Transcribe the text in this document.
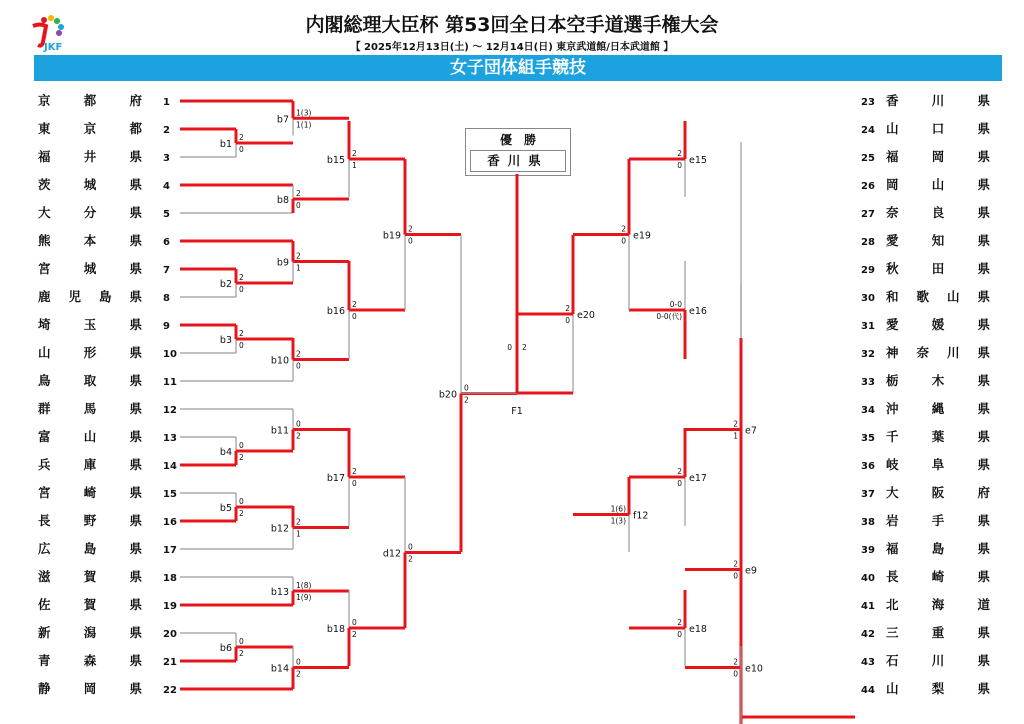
JKF
内閣総理大臣杯 第53回全日本空手道選手権大会
【 2025年12月13日(土) 〜 12月14日(日) 東京武道館/日本武道館 】
女子団体組手競技
優　勝
香川県
2
0
b1
1(3)
1(1)
b7
2
0
b8
2
1
b15
2
0
b2
2
1
b9
2
0
b3
2
0
b10
2
0
b16
2
0
b19
0
2
b4
0
2
b11
0
2
b5
2
1
b12
2
0
b17
0
2
b6
1(8)
1(9)
b13
0
2
b14
0
2
b18
0
2
d12
0
2
b20
2
1 e7
2
0 e15
2
0 e9
2
0 e10
0-0
0-0(代) e16
2
0 e19
2
0 e17
2
0 e18
1(6)
1(3) f12
2
0 e20
0 2
F1
京都府 1
東京都 2
福井県 3
茨城県 4
大分県 5
熊本県 6
宮城県 7
鹿児島県 8
埼玉県 9
山形県 10
鳥取県 11
群馬県 12
富山県 13
兵庫県 14
宮崎県 15
長野県 16
広島県 17
滋賀県 18
佐賀県 19
新潟県 20
青森県 21
静岡県 22
香川県
23
山口県
24
福岡県
25
岡山県
26
奈良県
27
愛知県
28
秋田県
29
和歌山県
30
愛媛県
31
神奈川県
32
栃木県
33
沖縄県
34
千葉県
35
岐阜県
36
大阪府
37
岩手県
38
福島県
39
長崎県
40
北海道
41
三重県
42
石川県
43
山梨県
44
